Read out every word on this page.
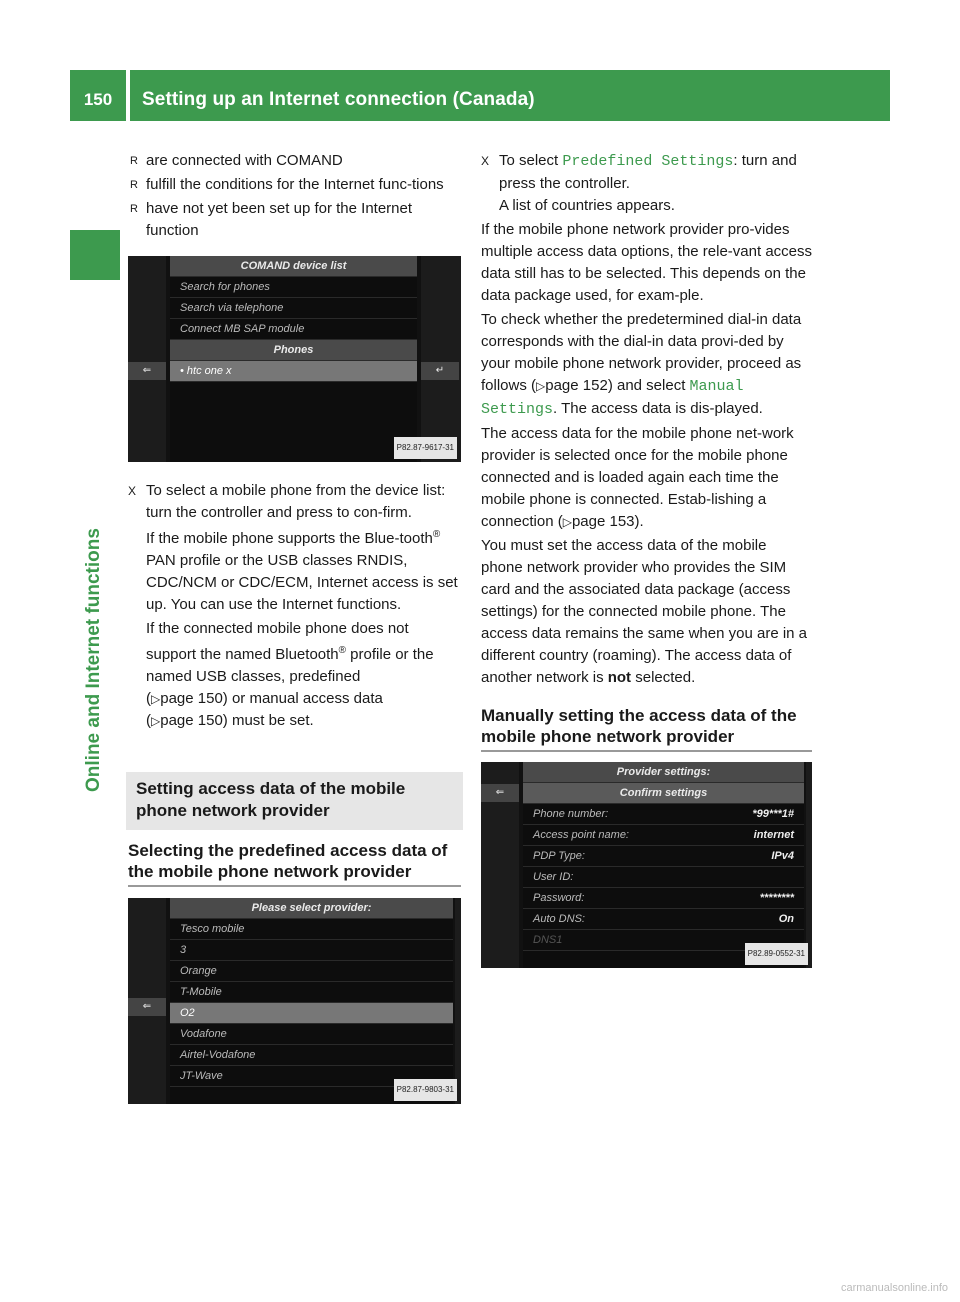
150	Setting up an Internet connection (Canada)
Online and Internet functions
R are connected with COMAND
R fulfill the conditions for the Internet func-tions
R have not yet been set up for the Internet function
⇐	↵
COMAND device list
Search for phones
Search via telephone
Connect MB SAP module
Phones
• htc one x
P82.87-9617-31
X To select a mobile phone from the device list: turn the controller and press to con-firm.
If the mobile phone supports the Blue-tooth® PAN profile or the USB classes RNDIS, CDC/NCM or CDC/ECM, Internet access is set up. You can use the Internet functions.
If the connected mobile phone does not support the named Bluetooth® profile or the named USB classes, predefined
(▷page 150) or manual access data
(▷page 150) must be set.
Setting access data of the mobile phone network provider
Selecting the predefined access data of the mobile phone network provider
⇐
Please select provider:
Tesco mobile
3
Orange
T-Mobile
O2
Vodafone
Airtel-Vodafone
JT-Wave
P82.87-9803-31
X To select Predefined Settings: turn and press the controller.
A list of countries appears.

If the mobile phone network provider pro-vides multiple access data options, the rele-vant access data still has to be selected. This depends on the data package used, for exam-ple.

To check whether the predetermined dial-in data corresponds with the dial-in data provi-ded by your mobile phone network provider, proceed as follows (▷page 152) and select Manual Settings. The access data is dis-played.

The access data for the mobile phone net-work provider is selected once for the mobile phone connected and is loaded again each time the mobile phone is connected. Estab-lishing a connection (▷page 153).

You must set the access data of the mobile phone network provider who provides the SIM card and the associated data package (access settings) for the connected mobile phone. The access data remains the same when you are in a different country (roaming). The access data of another network is not selected.

Manually setting the access data of the mobile phone network provider
⇐
Provider settings:
Confirm settings
Phone number:	*99***1#
Access point name:	internet
PDP Type:	IPv4
User ID:
Password:	********
Auto DNS:	On
DNS1
P82.89-0552-31
carmanualsonline.info
